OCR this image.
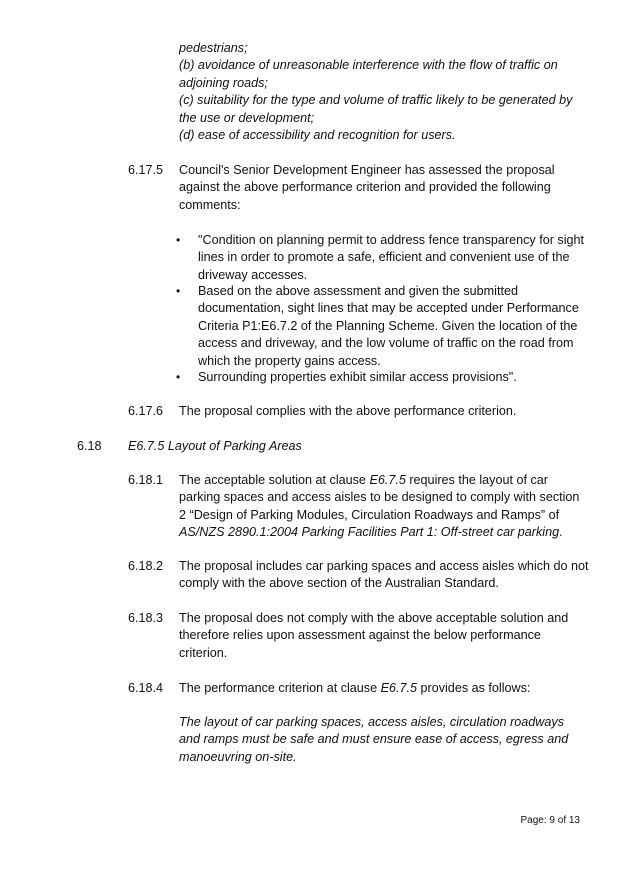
pedestrians;
(b) avoidance of unreasonable interference with the flow of traffic on
adjoining roads;
(c) suitability for the type and volume of traffic likely to be generated by
the use or development;
(d) ease of accessibility and recognition for users.
6.17.5 Council's Senior Development Engineer has assessed the proposal
against the above performance criterion and provided the following
comments:
• "Condition on planning permit to address fence transparency for sight
lines in order to promote a safe, efficient and convenient use of the
driveway accesses.
• Based on the above assessment and given the submitted
documentation, sight lines that may be accepted under Performance
Criteria P1:E6.7.2 of the Planning Scheme. Given the location of the
access and driveway, and the low volume of traffic on the road from
which the property gains access.
• Surrounding properties exhibit similar access provisions".
6.17.6 The proposal complies with the above performance criterion.
6.18 E6.7.5 Layout of Parking Areas
6.18.1 The acceptable solution at clause E6.7.5 requires the layout of car
parking spaces and access aisles to be designed to comply with section
2 “Design of Parking Modules, Circulation Roadways and Ramps” of
AS/NZS 2890.1:2004 Parking Facilities Part 1: Off-street car parking.
6.18.2 The proposal includes car parking spaces and access aisles which do not
comply with the above section of the Australian Standard.
6.18.3 The proposal does not comply with the above acceptable solution and
therefore relies upon assessment against the below performance
criterion.
6.18.4 The performance criterion at clause E6.7.5 provides as follows:
The layout of car parking spaces, access aisles, circulation roadways
and ramps must be safe and must ensure ease of access, egress and
manoeuvring on-site.
Page: 9 of 13
